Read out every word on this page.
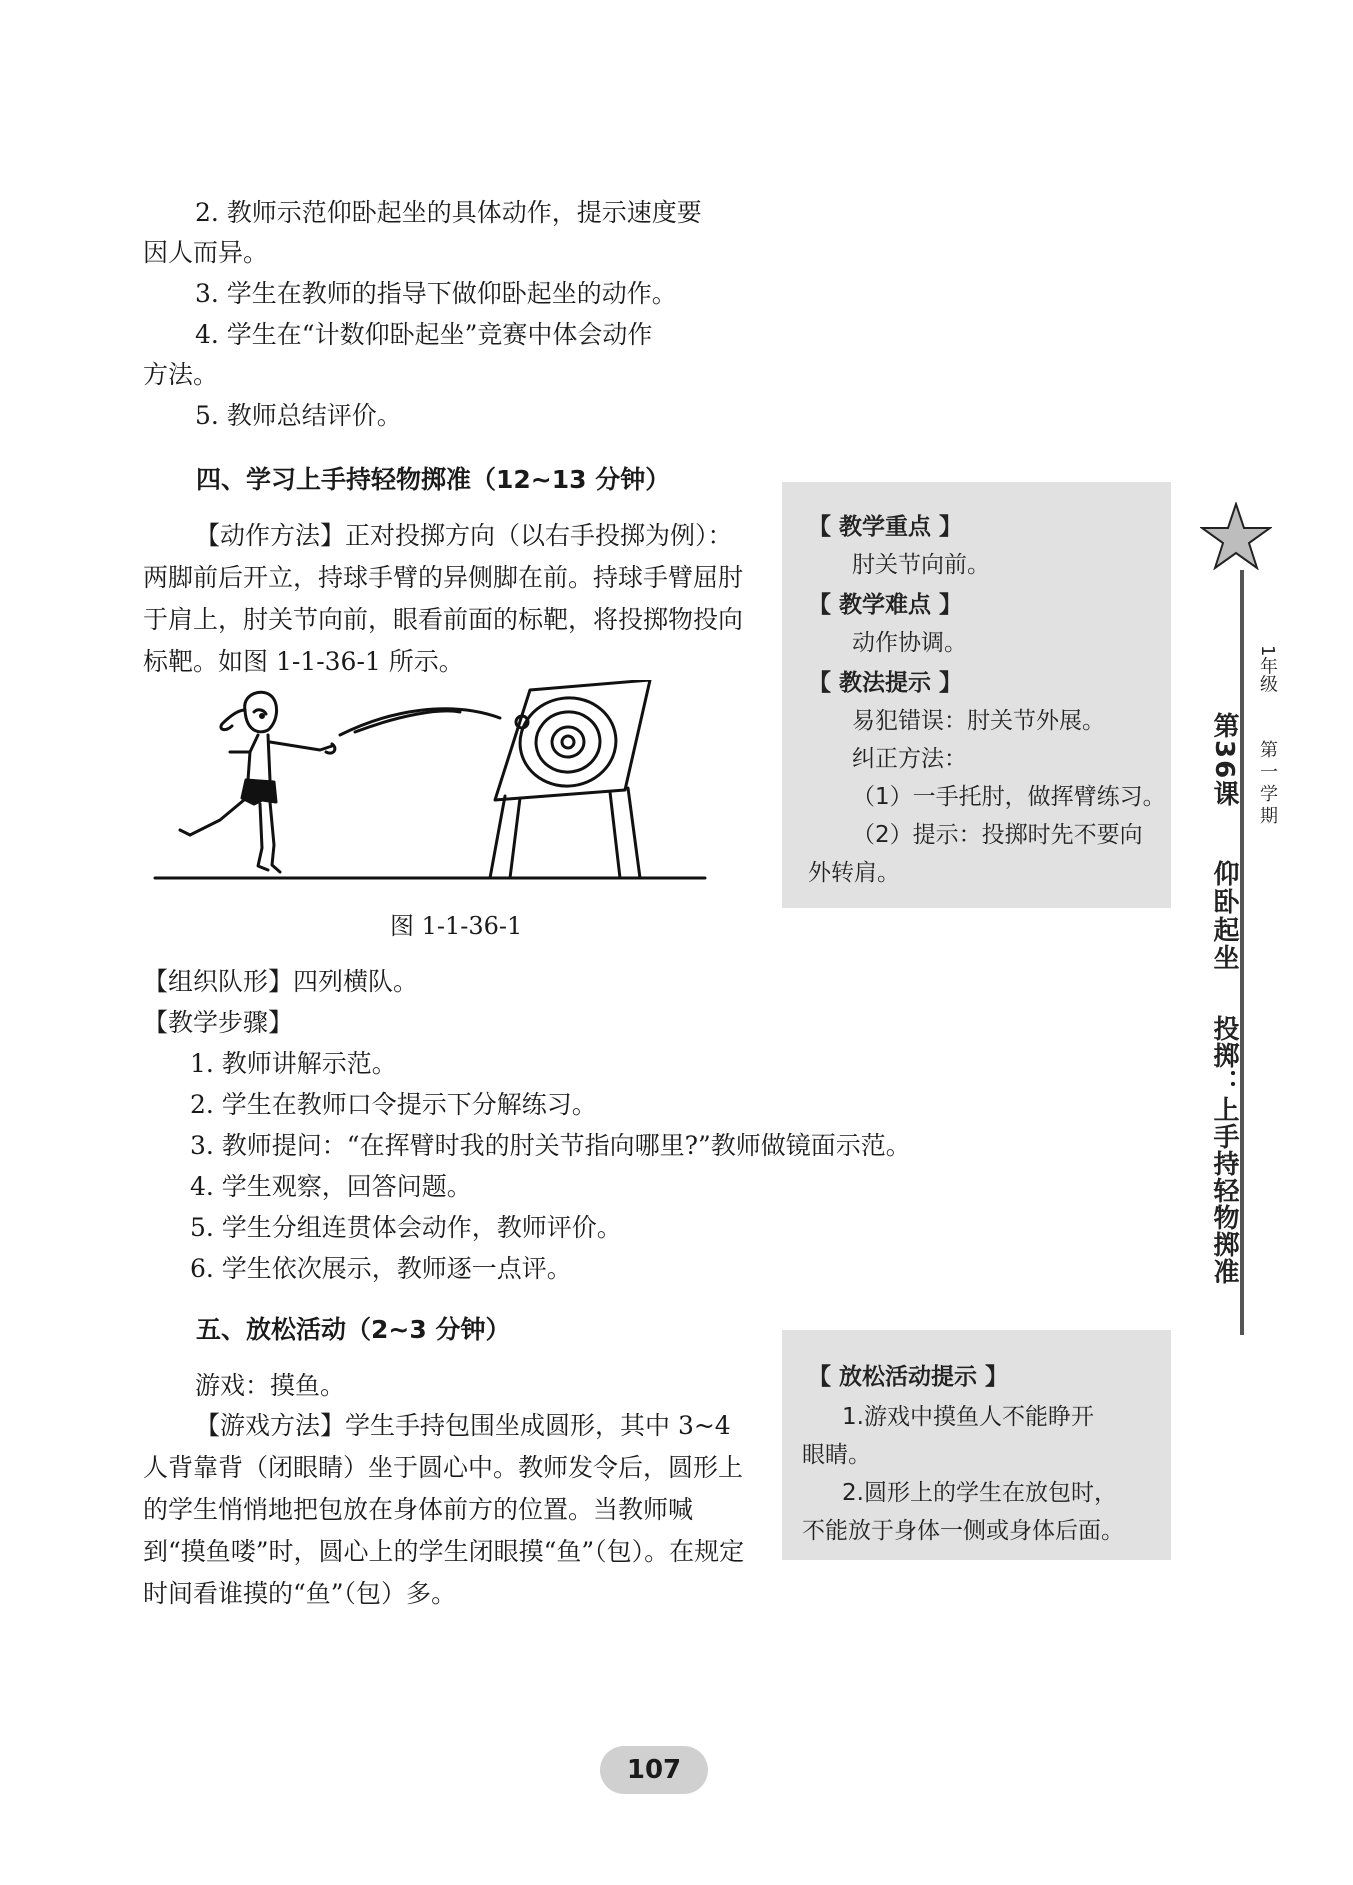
2. 教师示范仰卧起坐的具体动作，提示速度要
因人而异。
3. 学生在教师的指导下做仰卧起坐的动作。
4. 学生在“计数仰卧起坐”竞赛中体会动作
方法。
5. 教师总结评价。
四、学习上手持轻物掷准（12~13 分钟）

【动作方法】正对投掷方向（以右手投掷为例）：两脚前后开立，持球手臂的异侧脚在前。持球手臂屈肘于肩上，肘关节向前，眼看前面的标靶，将投掷物投向标靶。如图 1-1-36-1 所示。

图 1-1-36-1
【组织队形】四列横队。
【教学步骤】
1. 教师讲解示范。
2. 学生在教师口令提示下分解练习。
3. 教师提问：“在挥臂时我的肘关节指向哪里?”教师做镜面示范。
4. 学生观察，回答问题。
5. 学生分组连贯体会动作，教师评价。
6. 学生依次展示，教师逐一点评。
五、放松活动（2~3 分钟）
游戏：摸鱼。

【游戏方法】学生手持包围坐成圆形，其中 3~4 人背靠背（闭眼睛）坐于圆心中。教师发令后，圆形上的学生悄悄地把包放在身体前方的位置。当教师喊到“摸鱼喽”时，圆心上的学生闭眼摸“鱼”（包）。在规定时间看谁摸的“鱼”（包）多。

【 教学重点 】
肘关节向前。
【 教学难点 】
动作协调。
【 教法提示 】
易犯错误：肘关节外展。
纠正方法：
（1）一手托肘，做挥臂练习。
（2）提示：投掷时先不要向
外转肩。
【 放松活动提示 】
1.游戏中摸鱼人不能睁开
眼睛。
2.圆形上的学生在放包时，
不能放于身体一侧或身体后面。
1年级
第一学期
第36课
仰卧起坐
投掷：上手持轻物掷准
107
